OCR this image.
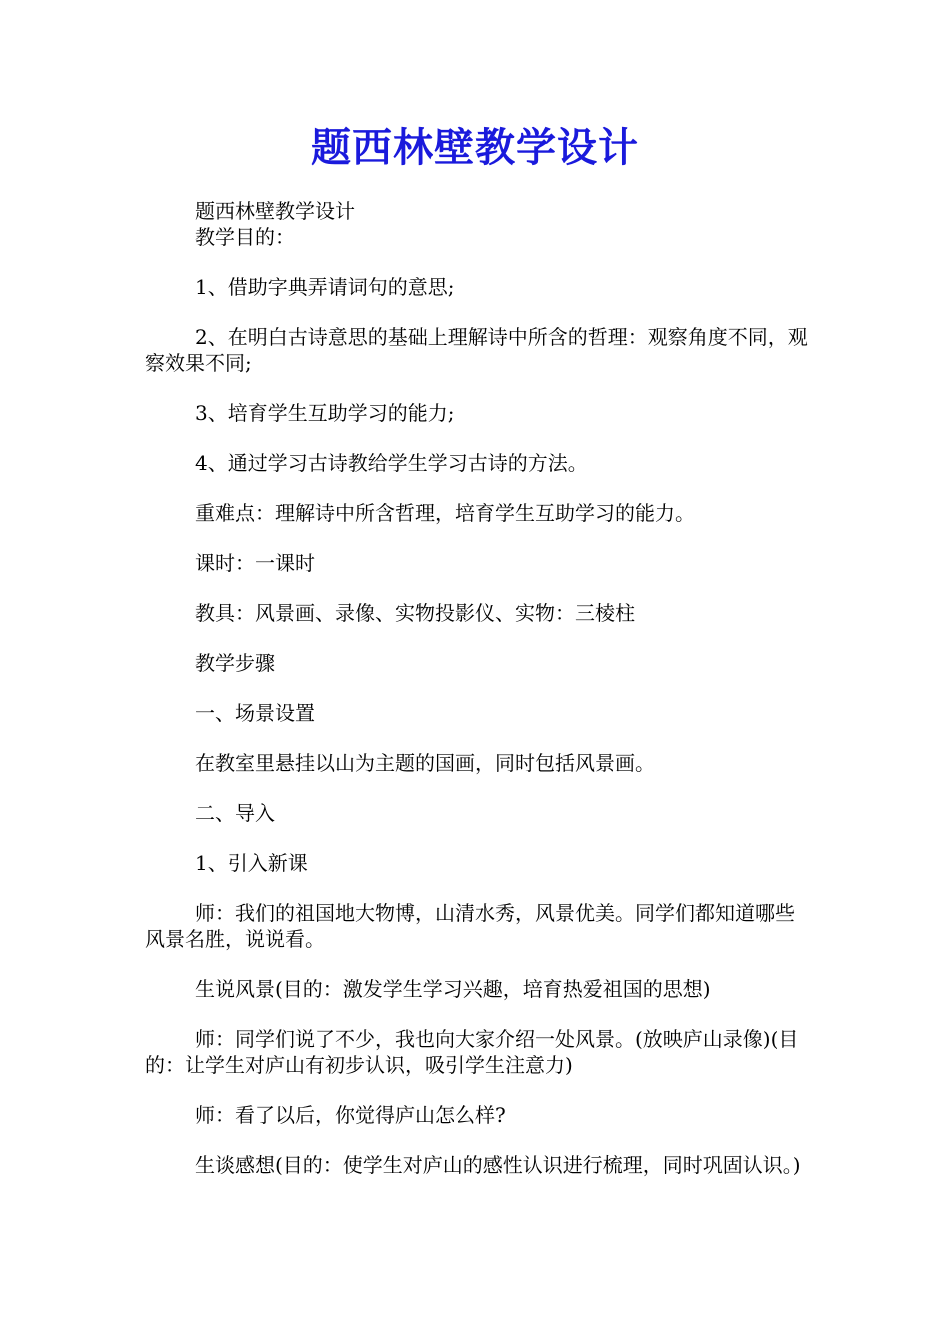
题西林壁教学设计

题西林壁教学设计

教学目的：

1、借助字典弄请词句的意思;

2、在明白古诗意思的基础上理解诗中所含的哲理：观察角度不同，观察效果不同;

3、培育学生互助学习的能力;

4、通过学习古诗教给学生学习古诗的方法。

重难点：理解诗中所含哲理，培育学生互助学习的能力。

课时：一课时

教具：风景画、录像、实物投影仪、实物：三棱柱

教学步骤

一、场景设置

在教室里悬挂以山为主题的国画，同时包括风景画。

二、导入

1、引入新课

师：我们的祖国地大物博，山清水秀，风景优美。同学们都知道哪些风景名胜，说说看。

生说风景(目的：激发学生学习兴趣，培育热爱祖国的思想)

师：同学们说了不少，我也向大家介绍一处风景。(放映庐山录像)(目的：让学生对庐山有初步认识，吸引学生注意力)

师：看了以后，你觉得庐山怎么样?

生谈感想(目的：使学生对庐山的感性认识进行梳理，同时巩固认识。)
